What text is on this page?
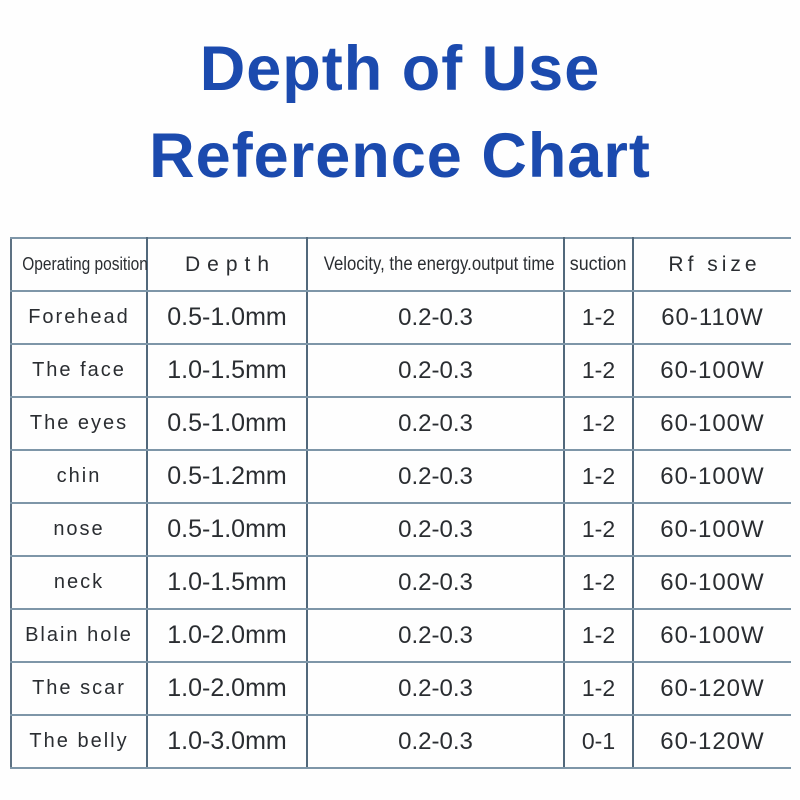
Depth of Use
Reference Chart
Operating position	Depth	Velocity, the energy.output time	suction	Rf size
Forehead	0.5-1.0mm	0.2-0.3	1-2	60-110W
The face	1.0-1.5mm	0.2-0.3	1-2	60-100W
The eyes	0.5-1.0mm	0.2-0.3	1-2	60-100W
chin	0.5-1.2mm	0.2-0.3	1-2	60-100W
nose	0.5-1.0mm	0.2-0.3	1-2	60-100W
neck	1.0-1.5mm	0.2-0.3	1-2	60-100W
Blain hole	1.0-2.0mm	0.2-0.3	1-2	60-100W
The scar	1.0-2.0mm	0.2-0.3	1-2	60-120W
The belly	1.0-3.0mm	0.2-0.3	0-1	60-120W
